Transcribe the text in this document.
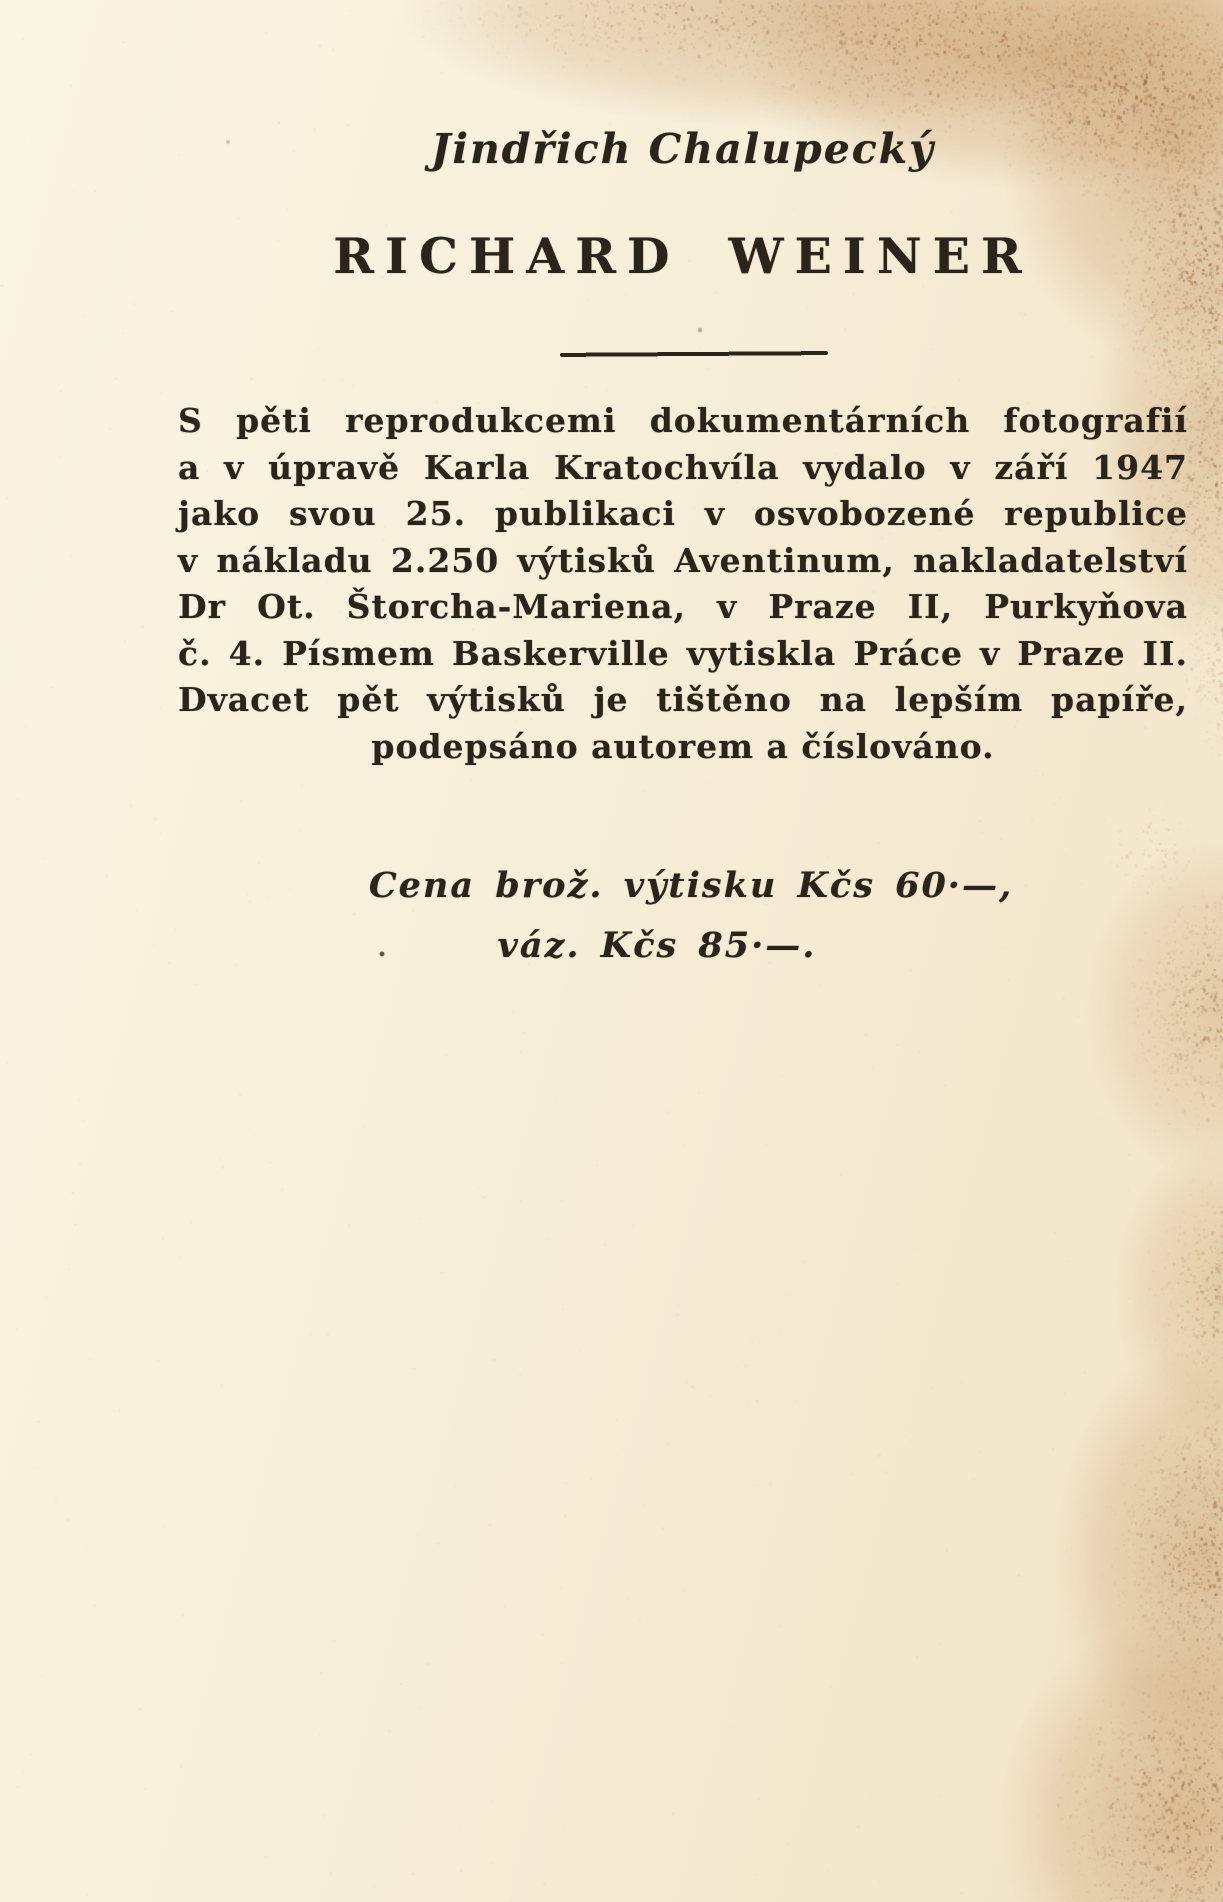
Jindřich Chalupecký
RICHARD WEINER
S pěti reprodukcemi dokumentárních fotografií
a v úpravě Karla Kratochvíla vydalo v září 1947
jako svou 25. publikaci v osvobozené republice
v nákladu 2.250 výtisků Aventinum, nakladatelství
Dr Ot. Štorcha-Mariena, v Praze II, Purkyňova
č. 4. Písmem Baskerville vytiskla Práce v Praze II.
Dvacet pět výtisků je tištěno na lepším papíře,
podepsáno autorem a číslováno.
Cena brož. výtisku Kčs 60·—,
váz. Kčs 85·—.
